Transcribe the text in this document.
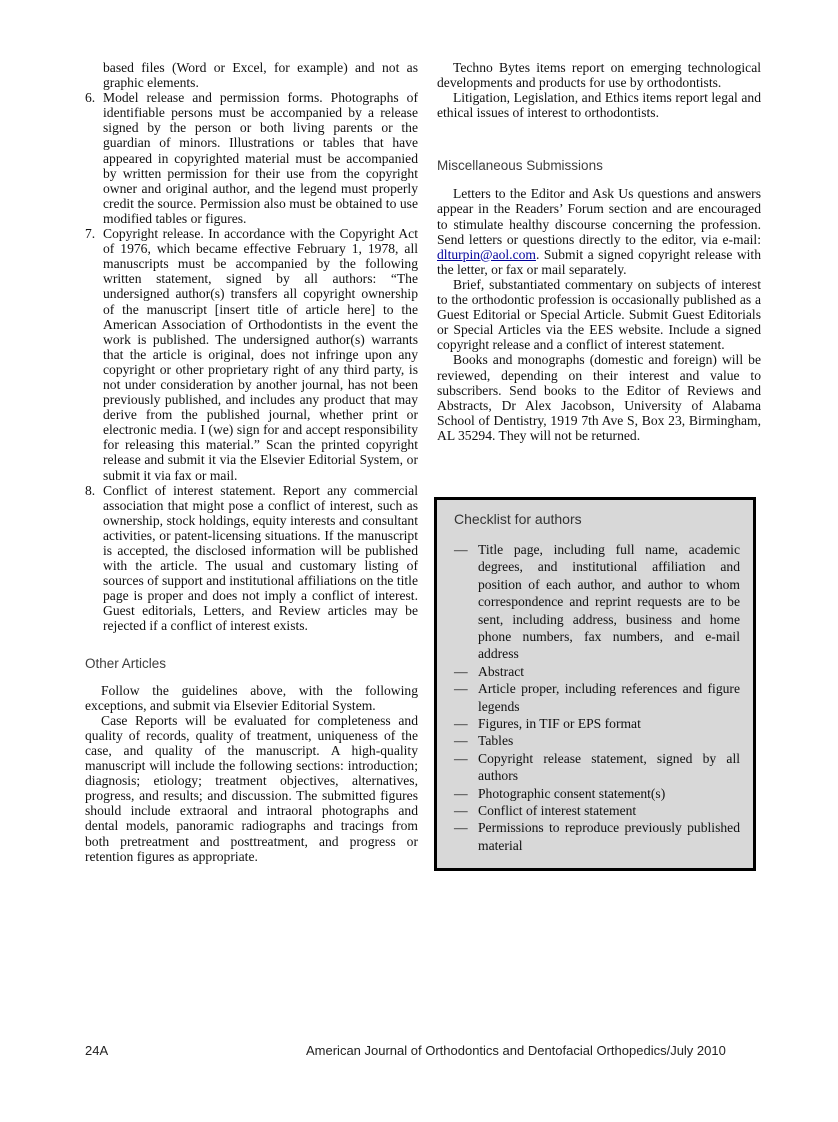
based files (Word or Excel, for example) and not as graphic elements.

6. Model release and permission forms. Photographs of identifiable persons must be accompanied by a release signed by the person or both living parents or the guardian of minors. Illustrations or tables that have appeared in copyrighted material must be accompanied by written permission for their use from the copyright owner and original author, and the legend must properly credit the source. Permission also must be obtained to use modified tables or figures.
7. Copyright release. In accordance with the Copyright Act of 1976, which became effective February 1, 1978, all manuscripts must be accompanied by the following written statement, signed by all authors: “The undersigned author(s) transfers all copyright ownership of the manuscript [insert title of article here] to the American Association of Orthodontists in the event the work is published. The undersigned author(s) warrants that the article is original, does not infringe upon any copyright or other proprietary right of any third party, is not under consideration by another journal, has not been previously published, and includes any product that may derive from the published journal, whether print or electronic media. I (we) sign for and accept responsibility for releasing this material.” Scan the printed copyright release and submit it via the Elsevier Editorial System, or submit it via fax or mail.
8. Conflict of interest statement. Report any commercial association that might pose a conflict of interest, such as ownership, stock holdings, equity interests and consultant activities, or patent-licensing situations. If the manuscript is accepted, the disclosed information will be published with the article. The usual and customary listing of sources of support and institutional affiliations on the title page is proper and does not imply a conflict of interest. Guest editorials, Letters, and Review articles may be rejected if a conflict of interest exists.
Other Articles

Follow the guidelines above, with the following exceptions, and submit via Elsevier Editorial System.

Case Reports will be evaluated for completeness and quality of records, quality of treatment, uniqueness of the case, and quality of the manuscript. A high-quality manuscript will include the following sections: introduction; diagnosis; etiology; treatment objectives, alternatives, progress, and results; and discussion. The submitted figures should include extraoral and intraoral photographs and dental models, panoramic radiographs and tracings from both pretreatment and posttreatment, and progress or retention figures as appropriate.

Techno Bytes items report on emerging technological developments and products for use by orthodontists.

Litigation, Legislation, and Ethics items report legal and ethical issues of interest to orthodontists.

Miscellaneous Submissions

Letters to the Editor and Ask Us questions and answers appear in the Readers’ Forum section and are encouraged to stimulate healthy discourse concerning the profession. Send letters or questions directly to the editor, via e-mail: dlturpin@aol.com. Submit a signed copyright release with the letter, or fax or mail separately.

Brief, substantiated commentary on subjects of interest to the orthodontic profession is occasionally published as a Guest Editorial or Special Article. Submit Guest Editorials or Special Articles via the EES website. Include a signed copyright release and a conflict of interest statement.

Books and monographs (domestic and foreign) will be reviewed, depending on their interest and value to subscribers. Send books to the Editor of Reviews and Abstracts, Dr Alex Jacobson, University of Alabama School of Dentistry, 1919 7th Ave S, Box 23, Birmingham, AL 35294. They will not be returned.

Checklist for authors
— Title page, including full name, academic degrees, and institutional affiliation and position of each author, and author to whom correspondence and reprint requests are to be sent, including address, business and home phone numbers, fax numbers, and e-mail address
— Abstract
— Article proper, including references and figure legends
— Figures, in TIF or EPS format
— Tables
— Copyright release statement, signed by all authors
— Photographic consent statement(s)
— Conflict of interest statement
— Permissions to reproduce previously published material
24A	American Journal of Orthodontics and Dentofacial Orthopedics/July 2010
